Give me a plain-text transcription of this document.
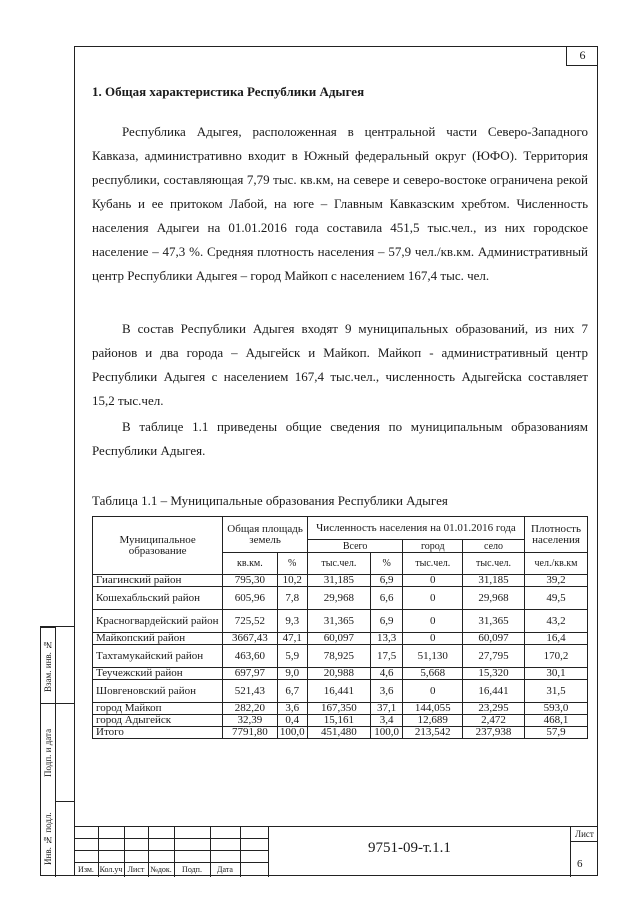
6
1. Общая характеристика Республики Адыгея

Республика Адыгея, расположенная в центральной части Северо-Западного Кавказа, административно входит в Южный федеральный округ (ЮФО). Территория республики, составляющая 7,79 тыс. кв.км, на севере и северо-востоке ограничена рекой Кубань и ее притоком Лабой, на юге – Главным Кавказским хребтом. Численность населения Адыгеи на 01.01.2016 года составила 451,5 тыс.чел., из них городское население – 47,3 %. Средняя плотность населения – 57,9 чел./кв.км. Административный центр Республики Адыгея – город Майкоп с населением 167,4 тыс. чел.

В состав Республики Адыгея входят 9 муниципальных образований, из них 7 районов и два города – Адыгейск и Майкоп. Майкоп - административный центр Республики Адыгея с населением 167,4 тыс.чел., численность Адыгейска составляет 15,2 тыс.чел.

В таблице 1.1 приведены общие сведения по муниципальным образованиям Республики Адыгея.

Таблица 1.1 – Муниципальные образования Республики Адыгея
Муниципальное образование	Общая площадь земель		Численность населения на 01.01.2016 года				Плотность населения
			Всего		город	село	
	кв.км.	%	тыс.чел.	%	тыс.чел.	тыс.чел.	чел./кв.км
Гиагинский район	795,30	10,2	31,185	6,9	0	31,185	39,2
Кошехабльский район	605,96	7,8	29,968	6,6	0	29,968	49,5
Красногвардейский район	725,52	9,3	31,365	6,9	0	31,365	43,2
Майкопский район	3667,43	47,1	60,097	13,3	0	60,097	16,4
Тахтамукайский район	463,60	5,9	78,925	17,5	51,130	27,795	170,2
Теучежский район	697,97	9,0	20,988	4,6	5,668	15,320	30,1
Шовгеновский район	521,43	6,7	16,441	3,6	0	16,441	31,5
город Майкоп	282,20	3,6	167,350	37,1	144,055	23,295	593,0
город Адыгейск	32,39	0,4	15,161	3,4	12,689	2,472	468,1
Итого	7791,80	100,0	451,480	100,0	213,542	237,938	57,9
Взам. инв. №
Подп. и дата
Инв. № подл.
Изм. Кол.уч Лист №док.	Подп.	Дата
9751-09-т.1.1
Лист
6
